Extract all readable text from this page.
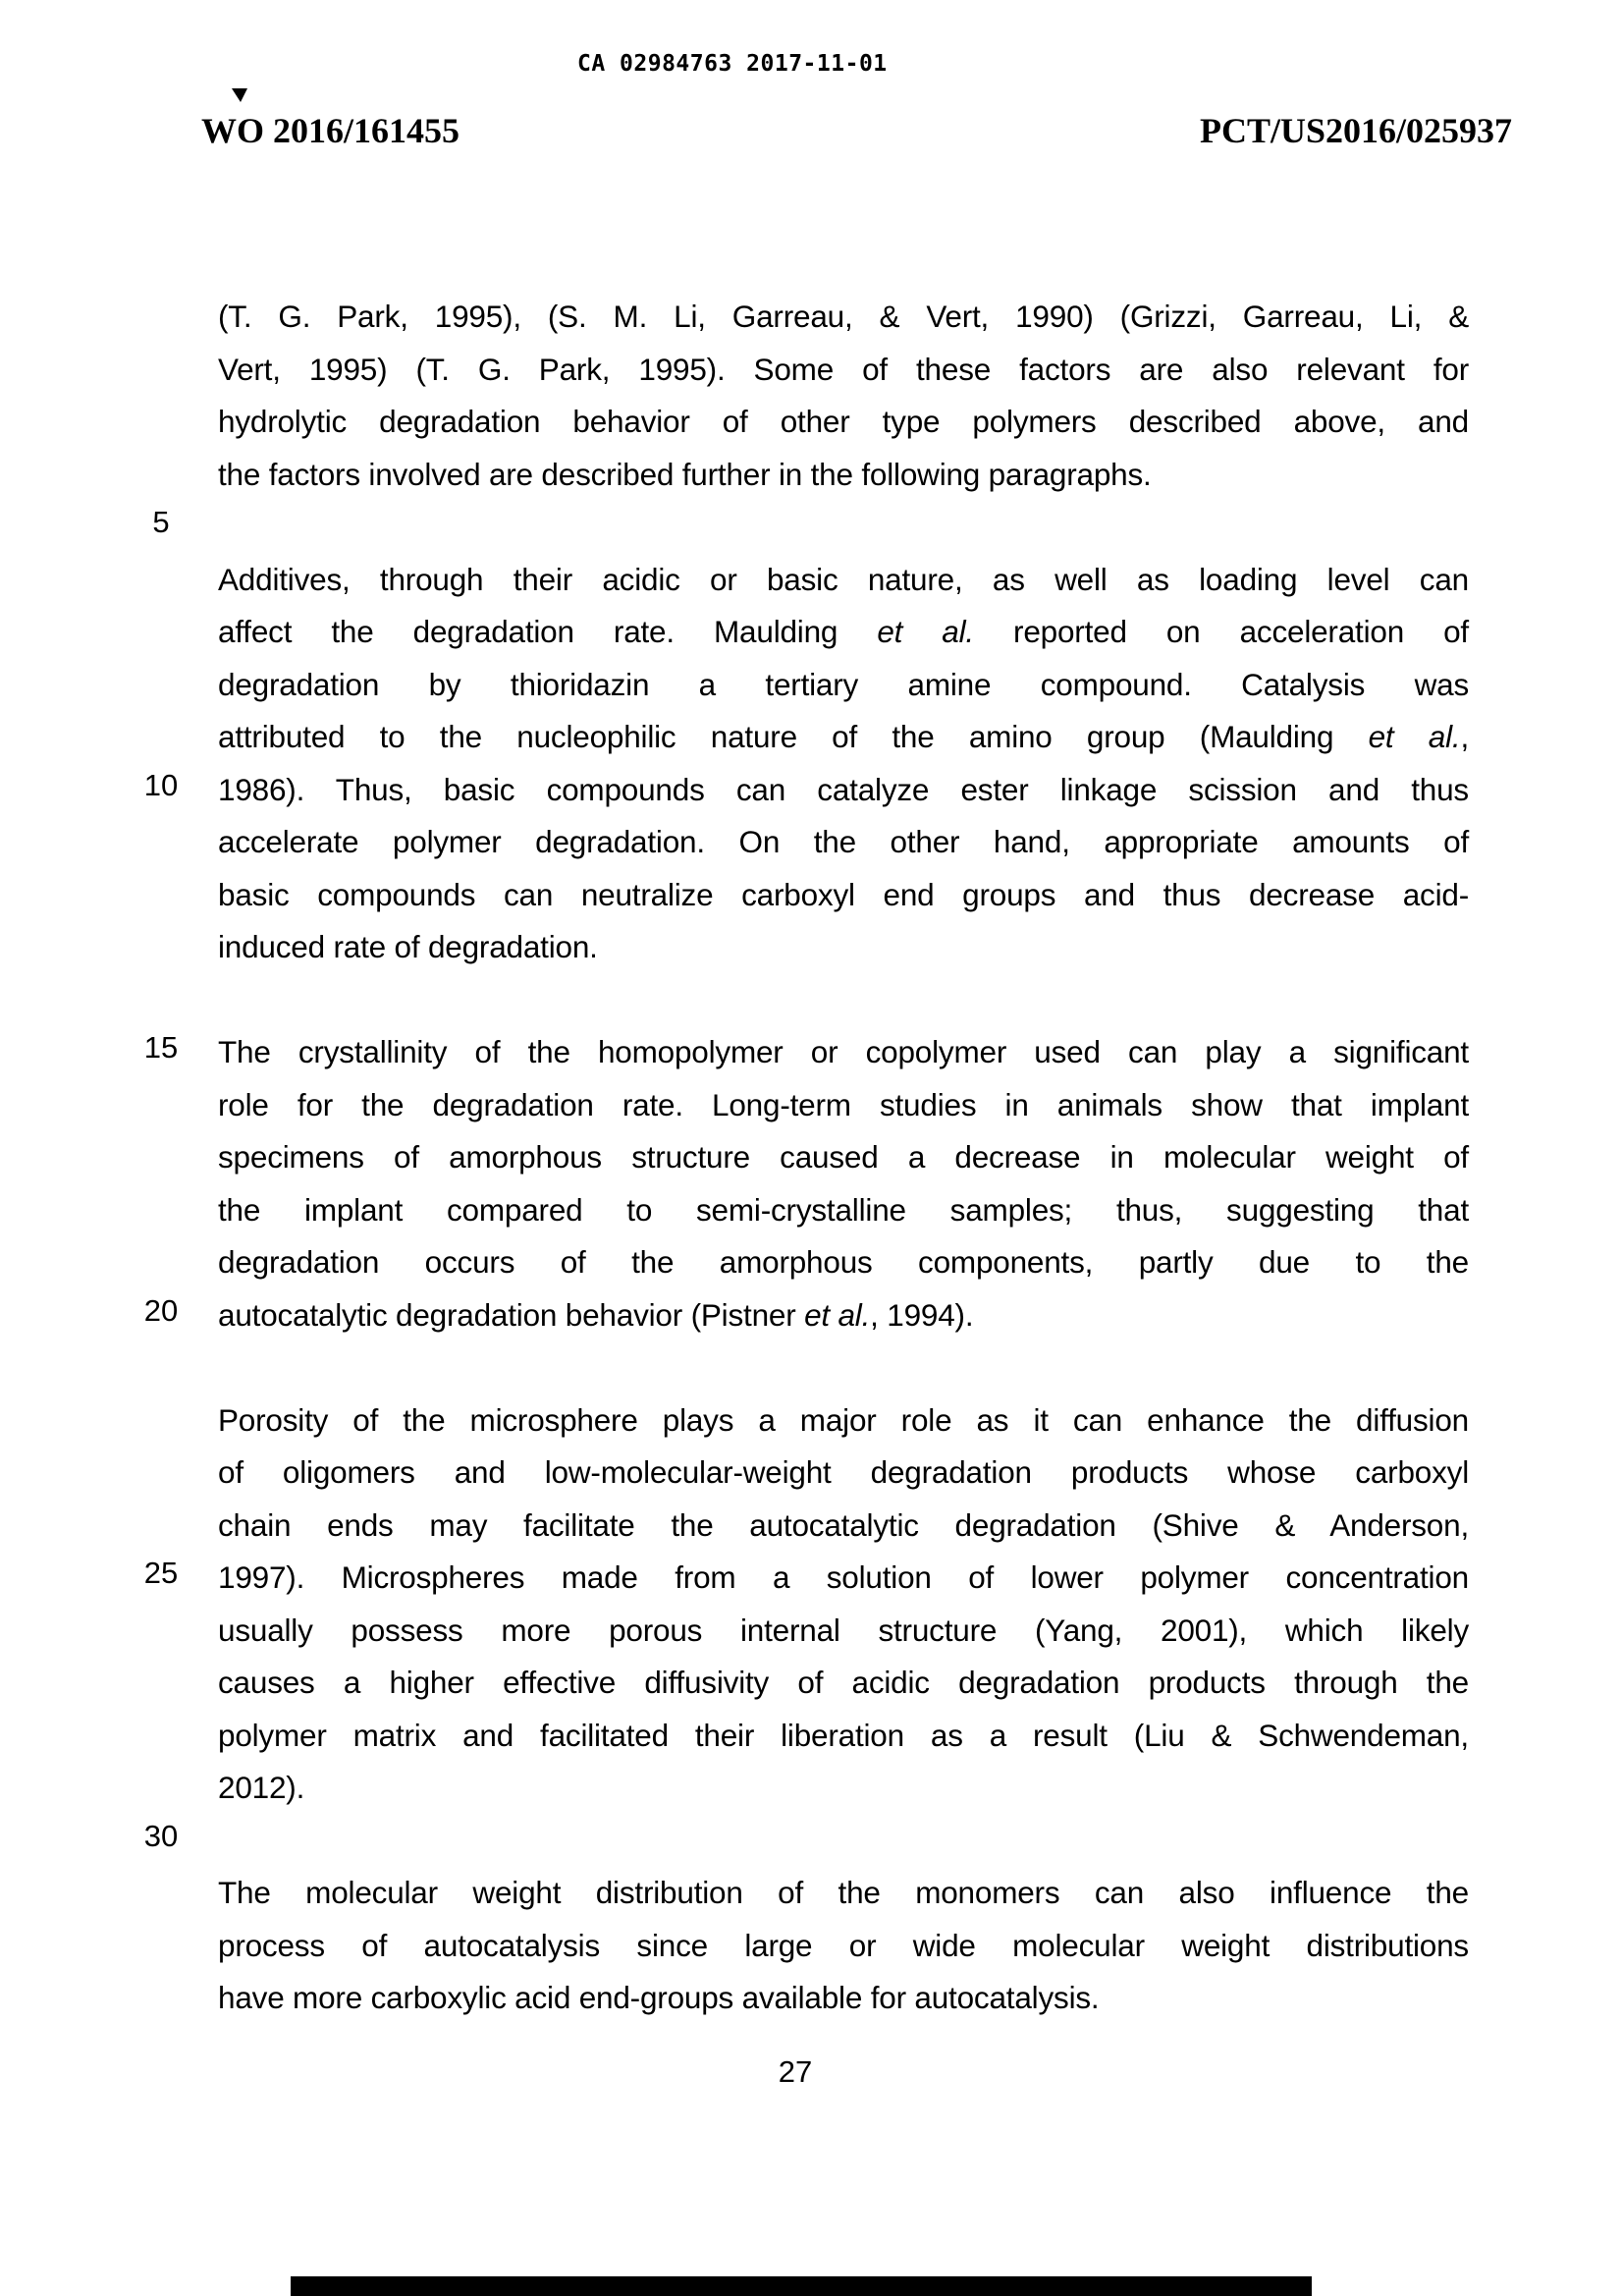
CA 02984763 2017-11-01
WO 2016/161455	PCT/US2016/025937
5
10
15
20
25
30
(T. G. Park, 1995), (S. M. Li, Garreau, & Vert, 1990) (Grizzi, Garreau, Li, &
Vert, 1995) (T. G. Park, 1995). Some of these factors are also relevant for
hydrolytic degradation behavior of other type polymers described above, and
the factors involved are described further in the following paragraphs.
Additives, through their acidic or basic nature, as well as loading level can
affect the degradation rate. Maulding et al. reported on acceleration of
degradation by thioridazin a tertiary amine compound. Catalysis was
attributed to the nucleophilic nature of the amino group (Maulding et al.,
1986). Thus, basic compounds can catalyze ester linkage scission and thus
accelerate polymer degradation. On the other hand, appropriate amounts of
basic compounds can neutralize carboxyl end groups and thus decrease acid-
induced rate of degradation.
The crystallinity of the homopolymer or copolymer used can play a significant
role for the degradation rate. Long-term studies in animals show that implant
specimens of amorphous structure caused a decrease in molecular weight of
the implant compared to semi-crystalline samples; thus, suggesting that
degradation occurs of the amorphous components, partly due to the
autocatalytic degradation behavior (Pistner et al., 1994).
Porosity of the microsphere plays a major role as it can enhance the diffusion
of oligomers and low-molecular-weight degradation products whose carboxyl
chain ends may facilitate the autocatalytic degradation (Shive & Anderson,
1997). Microspheres made from a solution of lower polymer concentration
usually possess more porous internal structure (Yang, 2001), which likely
causes a higher effective diffusivity of acidic degradation products through the
polymer matrix and facilitated their liberation as a result (Liu & Schwendeman,
2012).
The molecular weight distribution of the monomers can also influence the
process of autocatalysis since large or wide molecular weight distributions
have more carboxylic acid end-groups available for autocatalysis.
27
